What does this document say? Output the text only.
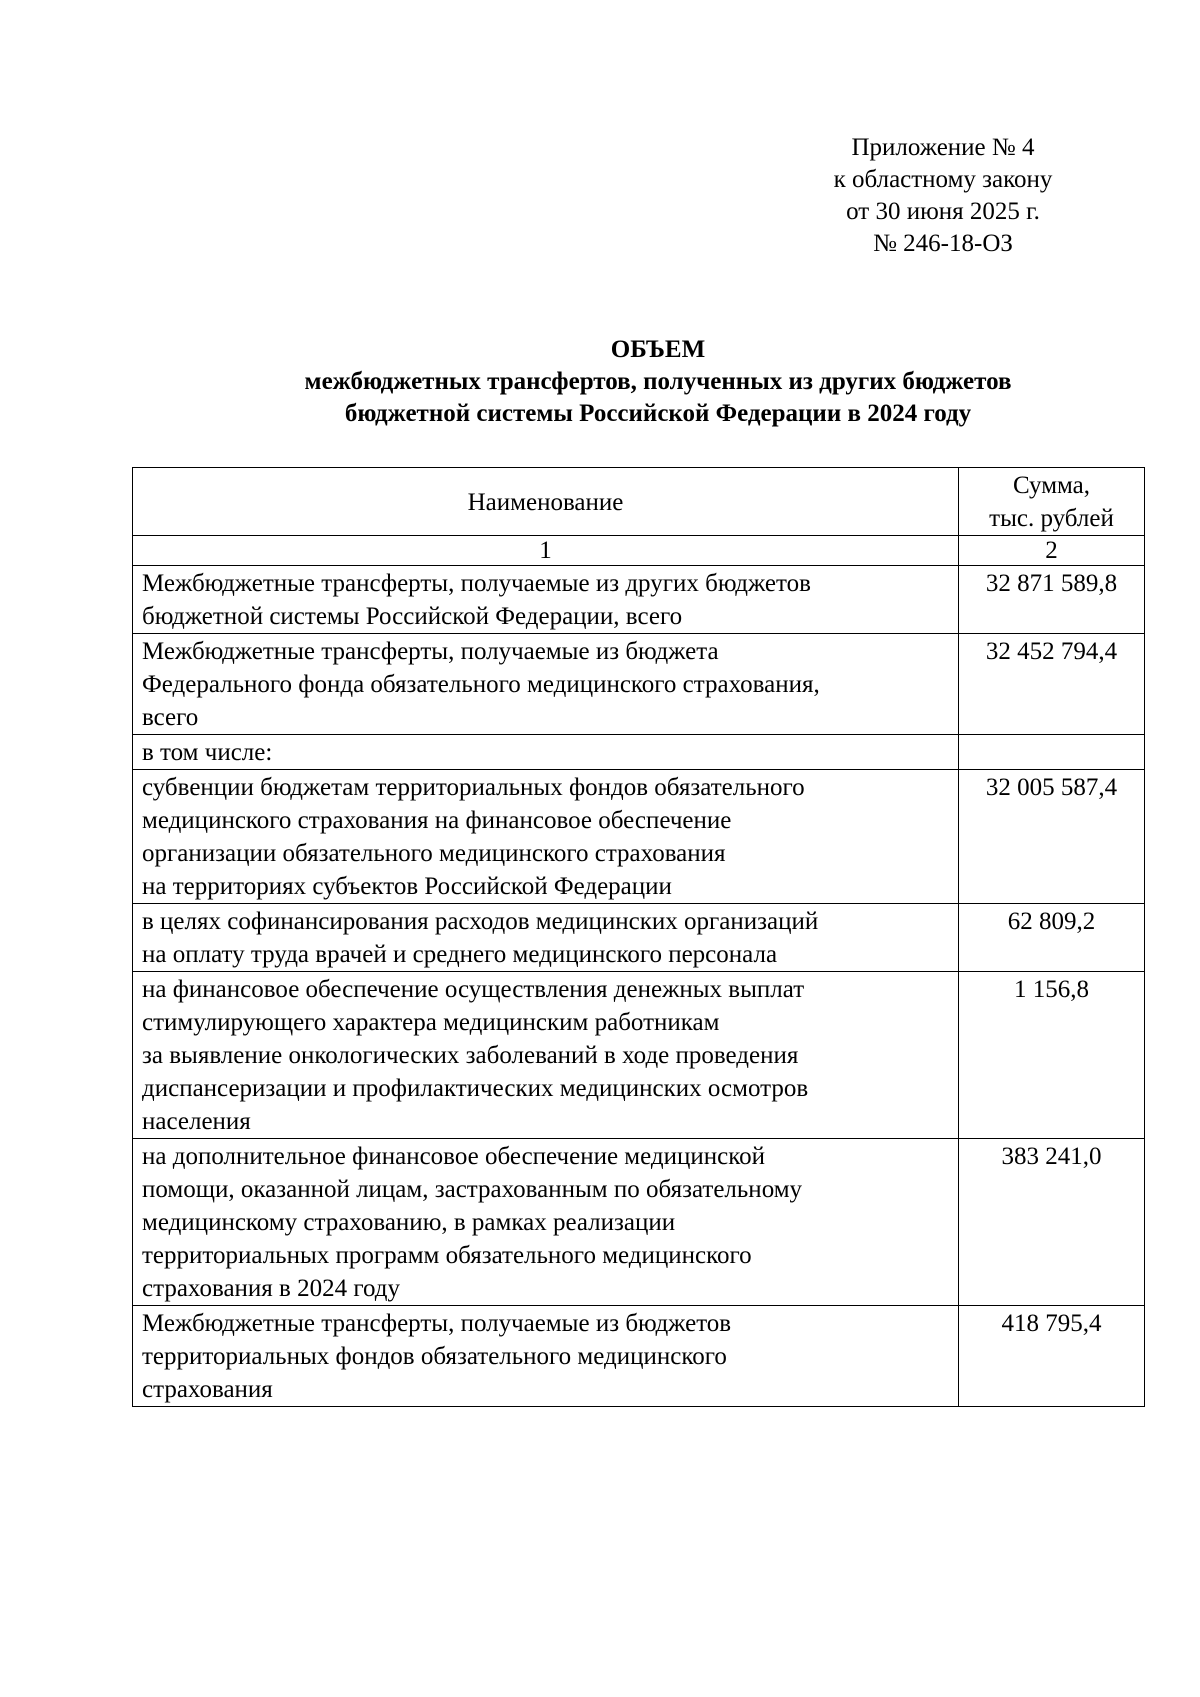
Приложение № 4
к областному закону
от 30 июня 2025 г.
№ 246-18-ОЗ
ОБЪЕМ
межбюджетных трансфертов, полученных из других бюджетов
бюджетной системы Российской Федерации в 2024 году
Наименование	Сумма,
тыс. рублей

1	2

Межбюджетные трансферты, получаемые из других бюджетов
бюджетной системы Российской Федерации, всего	32 871 589,8

Межбюджетные трансферты, получаемые из бюджета
Федерального фонда обязательного медицинского страхования,
всего	32 452 794,4

в том числе:	

субвенции бюджетам территориальных фондов обязательного
медицинского страхования на финансовое обеспечение
организации обязательного медицинского страхования
на территориях субъектов Российской Федерации	32 005 587,4

в целях софинансирования расходов медицинских организаций
на оплату труда врачей и среднего медицинского персонала	62 809,2

на финансовое обеспечение осуществления денежных выплат
стимулирующего характера медицинским работникам
за выявление онкологических заболеваний в ходе проведения
диспансеризации и профилактических медицинских осмотров
населения	1 156,8

на дополнительное финансовое обеспечение медицинской
помощи, оказанной лицам, застрахованным по обязательному
медицинскому страхованию, в рамках реализации
территориальных программ обязательного медицинского
страхования в 2024 году	383 241,0

Межбюджетные трансферты, получаемые из бюджетов
территориальных фондов обязательного медицинского
страхования	418 795,4
